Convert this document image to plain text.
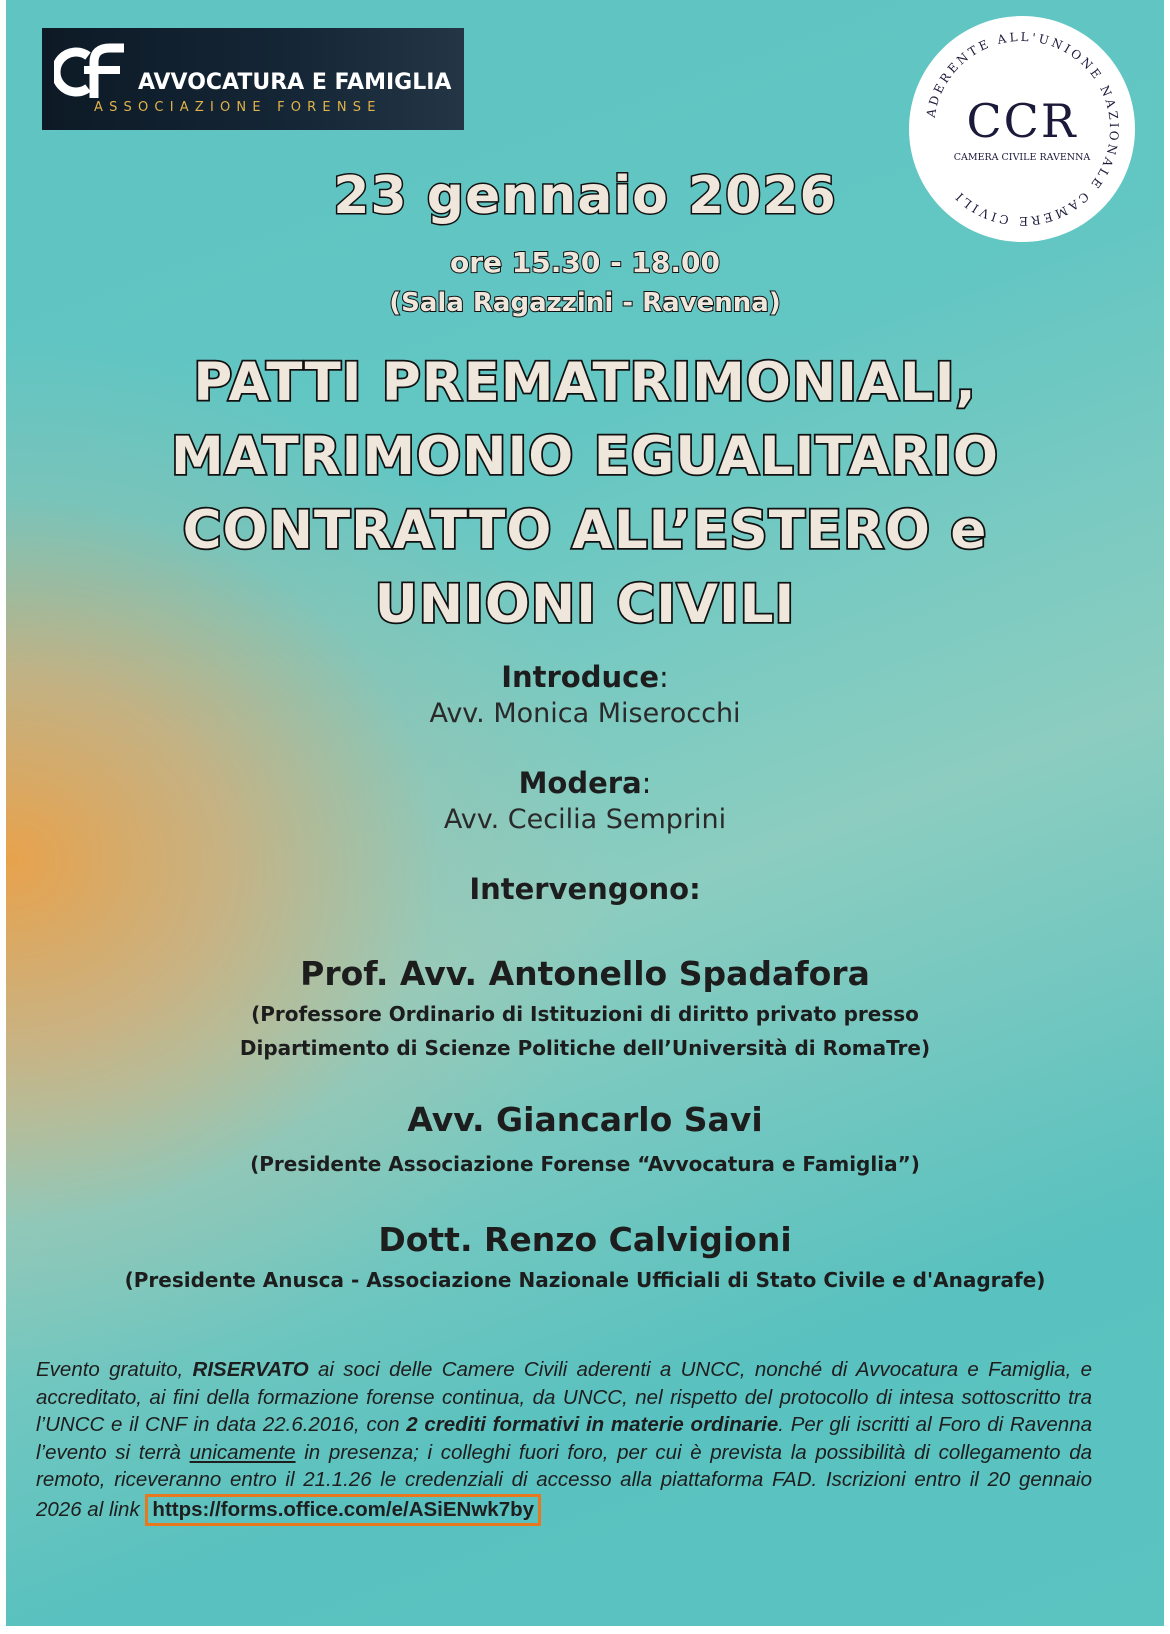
AVVOCATURA E FAMIGLIA
ASSOCIAZIONE FORENSE	ADERENTE ALL'UNIONE NAZIONALE CAMERE CIVILI
CCR
CAMERA CIVILE RAVENNA
23 gennaio 2026
ore 15.30 - 18.00
(Sala Ragazzini - Ravenna)
PATTI PREMATRIMONIALI,
MATRIMONIO EGUALITARIO
CONTRATTO ALL’ESTERO e
UNIONI CIVILI
Introduce:
Avv. Monica Miserocchi
Modera:
Avv. Cecilia Semprini
Intervengono:
Prof. Avv. Antonello Spadafora
(Professore Ordinario di Istituzioni di diritto privato presso
Dipartimento di Scienze Politiche dell’Università di RomaTre)
Avv. Giancarlo Savi
(Presidente Associazione Forense “Avvocatura e Famiglia”)
Dott. Renzo Calvigioni
(Presidente Anusca - Associazione Nazionale Ufficiali di Stato Civile e d'Anagrafe)
Evento gratuito, RISERVATO ai soci delle Camere Civili aderenti a UNCC, nonché di Avvocatura e Famiglia, e accreditato, ai fini della formazione forense continua, da UNCC, nel rispetto del protocollo di intesa sottoscritto tra l’UNCC e il CNF in data 22.6.2016, con 2 crediti formativi in materie ordinarie. Per gli iscritti al Foro di Ravenna l’evento si terrà unicamente in presenza; i colleghi fuori foro, per cui è prevista la possibilità di collegamento da remoto, riceveranno entro il 21.1.26 le credenziali di accesso alla piattaforma FAD. Iscrizioni entro il 20 gennaio 2026 al link https://forms.office.com/e/ASiENwk7by
